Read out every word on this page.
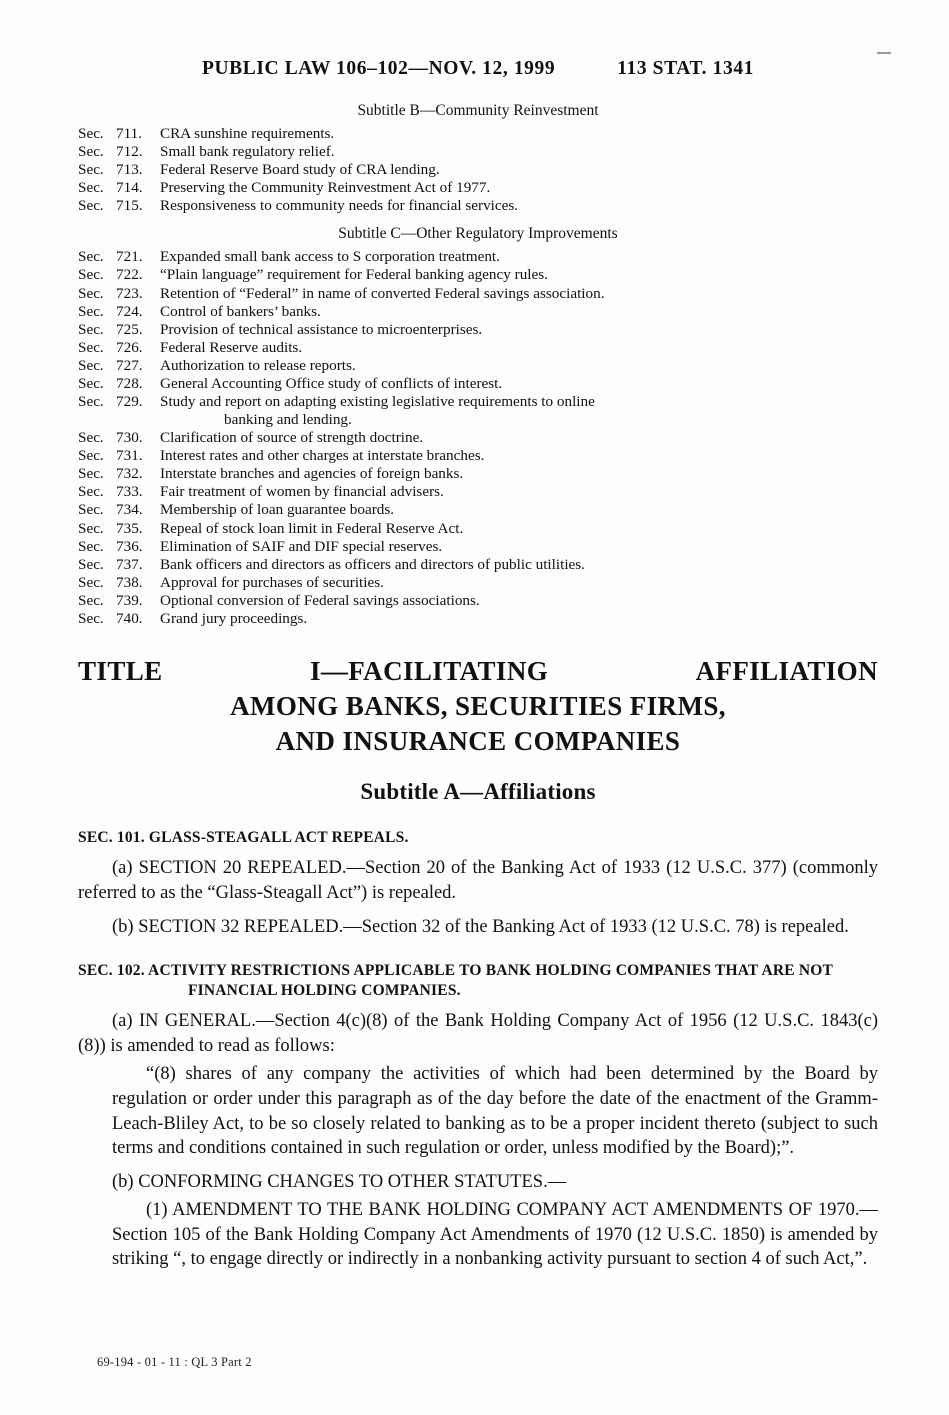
PUBLIC LAW 106–102—NOV. 12, 1999	113 STAT. 1341
Subtitle B—Community Reinvestment
Sec. 711.	CRA sunshine requirements.
Sec. 712.	Small bank regulatory relief.
Sec. 713.	Federal Reserve Board study of CRA lending.
Sec. 714.	Preserving the Community Reinvestment Act of 1977.
Sec. 715.	Responsiveness to community needs for financial services.
Subtitle C—Other Regulatory Improvements
Sec. 721.	Expanded small bank access to S corporation treatment.
Sec. 722.	“Plain language” requirement for Federal banking agency rules.
Sec. 723.	Retention of “Federal” in name of converted Federal savings association.
Sec. 724.	Control of bankers’ banks.
Sec. 725.	Provision of technical assistance to microenterprises.
Sec. 726.	Federal Reserve audits.
Sec. 727.	Authorization to release reports.
Sec. 728.	General Accounting Office study of conflicts of interest.
Sec. 729.	Study and report on adapting existing legislative requirements to online
banking and lending.
Sec. 730.	Clarification of source of strength doctrine.
Sec. 731.	Interest rates and other charges at interstate branches.
Sec. 732.	Interstate branches and agencies of foreign banks.
Sec. 733.	Fair treatment of women by financial advisers.
Sec. 734.	Membership of loan guarantee boards.
Sec. 735.	Repeal of stock loan limit in Federal Reserve Act.
Sec. 736.	Elimination of SAIF and DIF special reserves.
Sec. 737.	Bank officers and directors as officers and directors of public utilities.
Sec. 738.	Approval for purchases of securities.
Sec. 739.	Optional conversion of Federal savings associations.
Sec. 740.	Grand jury proceedings.
TITLE	I—FACILITATING	AFFILIATION
AMONG BANKS, SECURITIES FIRMS,
AND INSURANCE COMPANIES
Subtitle A—Affiliations
SEC. 101. GLASS-STEAGALL ACT REPEALS.

(a) SECTION 20 REPEALED.—Section 20 of the Banking Act of 1933 (12 U.S.C. 377) (commonly referred to as the “Glass-Steagall Act”) is repealed.

(b) SECTION 32 REPEALED.—Section 32 of the Banking Act of 1933 (12 U.S.C. 78) is repealed.

SEC. 102. ACTIVITY RESTRICTIONS APPLICABLE TO BANK HOLDING COMPANIES THAT ARE NOT FINANCIAL HOLDING COMPANIES.

(a) IN GENERAL.—Section 4(c)(8) of the Bank Holding Company Act of 1956 (12 U.S.C. 1843(c)(8)) is amended to read as follows:

“(8) shares of any company the activities of which had been determined by the Board by regulation or order under this paragraph as of the day before the date of the enactment of the Gramm-Leach-Bliley Act, to be so closely related to banking as to be a proper incident thereto (subject to such terms and conditions contained in such regulation or order, unless modified by the Board);”.

(b) CONFORMING CHANGES TO OTHER STATUTES.—

(1) AMENDMENT TO THE BANK HOLDING COMPANY ACT AMENDMENTS OF 1970.—Section 105 of the Bank Holding Company Act Amendments of 1970 (12 U.S.C. 1850) is amended by striking “, to engage directly or indirectly in a nonbanking activity pursuant to section 4 of such Act,”.

69-194 - 01 - 11 : QL 3 Part 2
